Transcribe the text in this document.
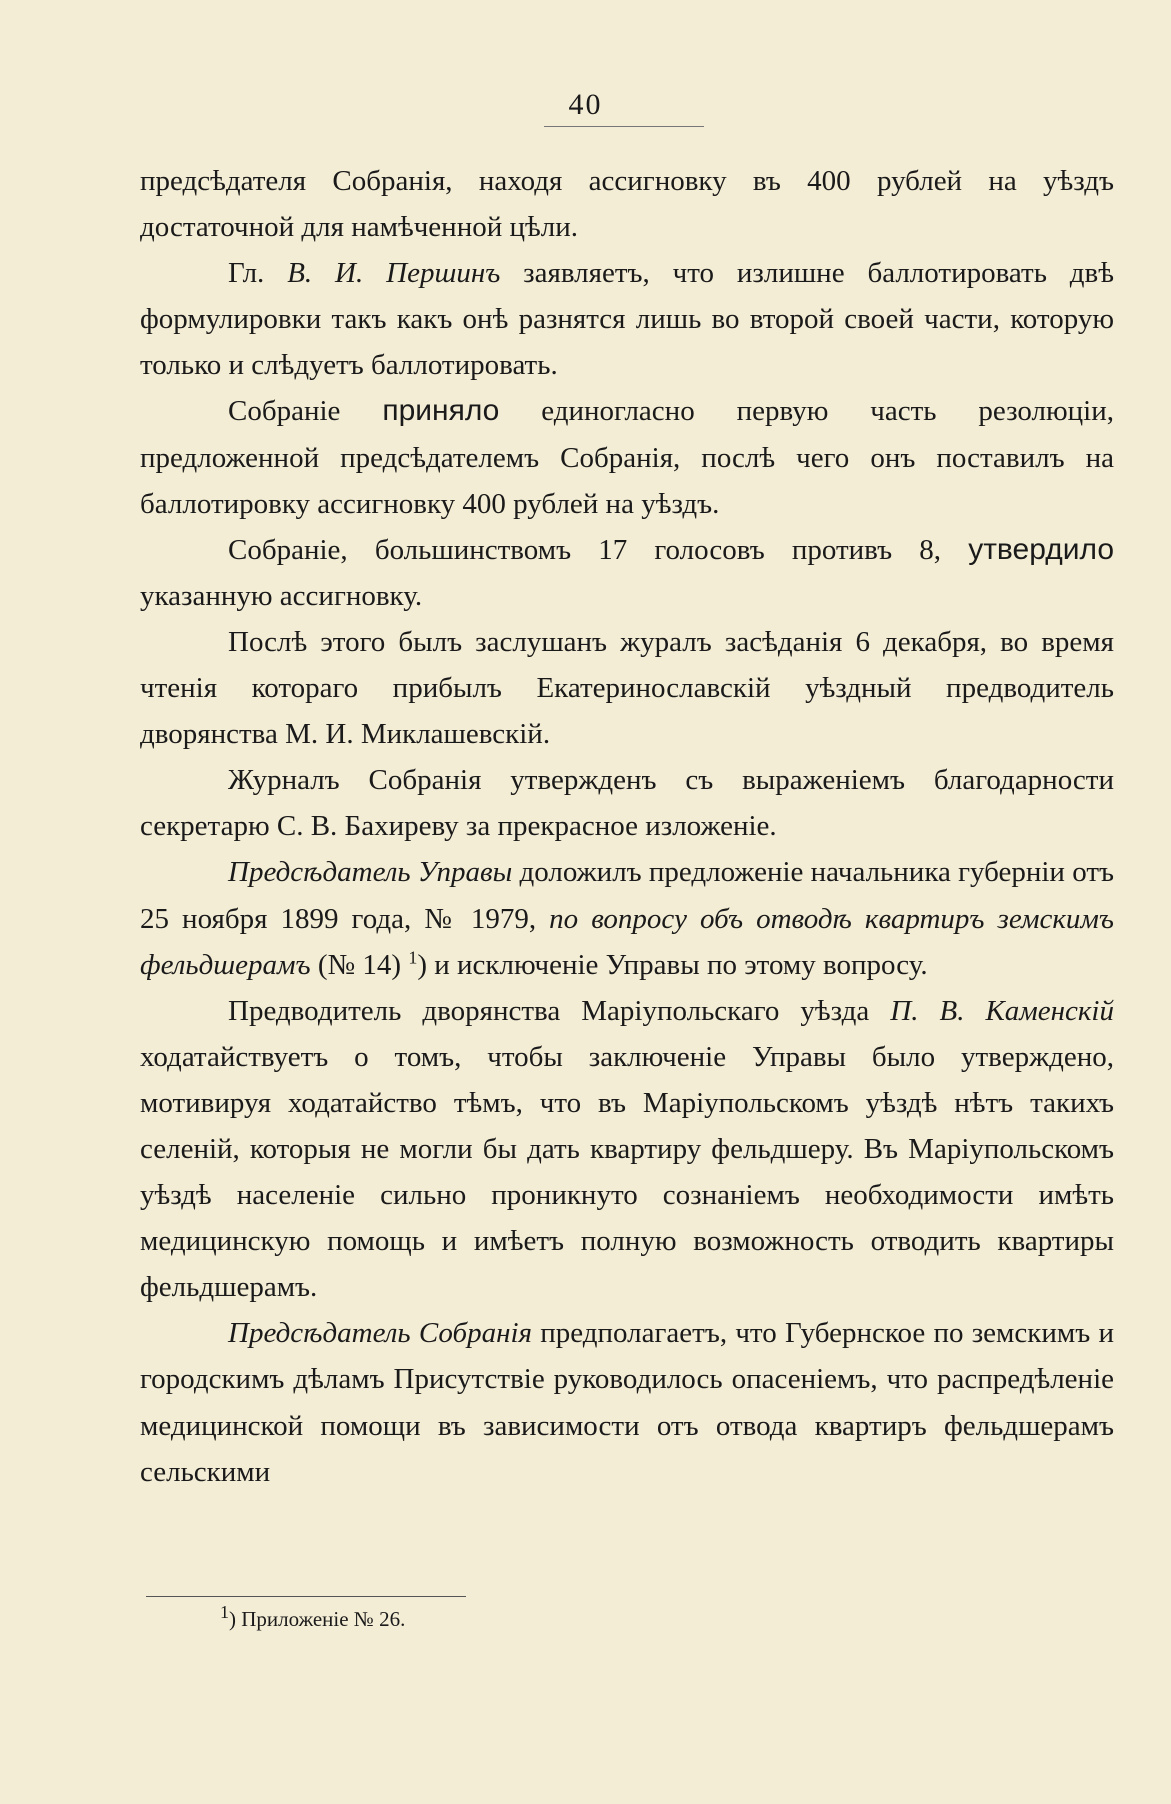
40

предсѣдателя Собранія, находя ассигновку въ 400 рублей на уѣздъ достаточной для намѣченной цѣли.

Гл. В. И. Першинъ заявляетъ, что излишне баллотировать двѣ формулировки такъ какъ онѣ разнятся лишь во второй своей части, которую только и слѣдуетъ баллотировать.

Собраніе приняло единогласно первую часть резолюціи, предложенной предсѣдателемъ Собранія, послѣ чего онъ поставилъ на баллотировку ассигновку 400 рублей на уѣздъ.

Собраніе, большинствомъ 17 голосовъ противъ 8, утвердило указанную ассигновку.

Послѣ этого былъ заслушанъ журалъ засѣданія 6 декабря, во время чтенія котораго прибылъ Екатеринославскій уѣздный предводитель дворянства М. И. Миклашевскій.

Журналъ Собранія утвержденъ съ выраженіемъ благодарности секретарю С. В. Бахиреву за прекрасное изложеніе.

Предсѣдатель Управы доложилъ предложеніе начальника губерніи отъ 25 ноября 1899 года, № 1979, по вопросу объ отводѣ квартиръ земскимъ фельдшерамъ (№ 14) $^1$) и исключеніе Управы по этому вопросу.

Предводитель дворянства Маріупольскаго уѣзда П. В. Каменскій ходатайствуетъ о томъ, чтобы заключеніе Управы было утверждено, мотивируя ходатайство тѣмъ, что въ Маріупольскомъ уѣздѣ нѣтъ такихъ селеній, которыя не могли бы дать квартиру фельдшеру. Въ Маріупольскомъ уѣздѣ населеніе сильно проникнуто сознаніемъ необходимости имѣть медицинскую помощь и имѣетъ полную возможность отводить квартиры фельдшерамъ.

Предсѣдатель Собранія предполагаетъ, что Губернское по земскимъ и городскимъ дѣламъ Присутствіе руководилось опасеніемъ, что распредѣленіе медицинской помощи въ зависимости отъ отвода квартиръ фельдшерамъ сельскими

$^1$) Приложеніе № 26.
